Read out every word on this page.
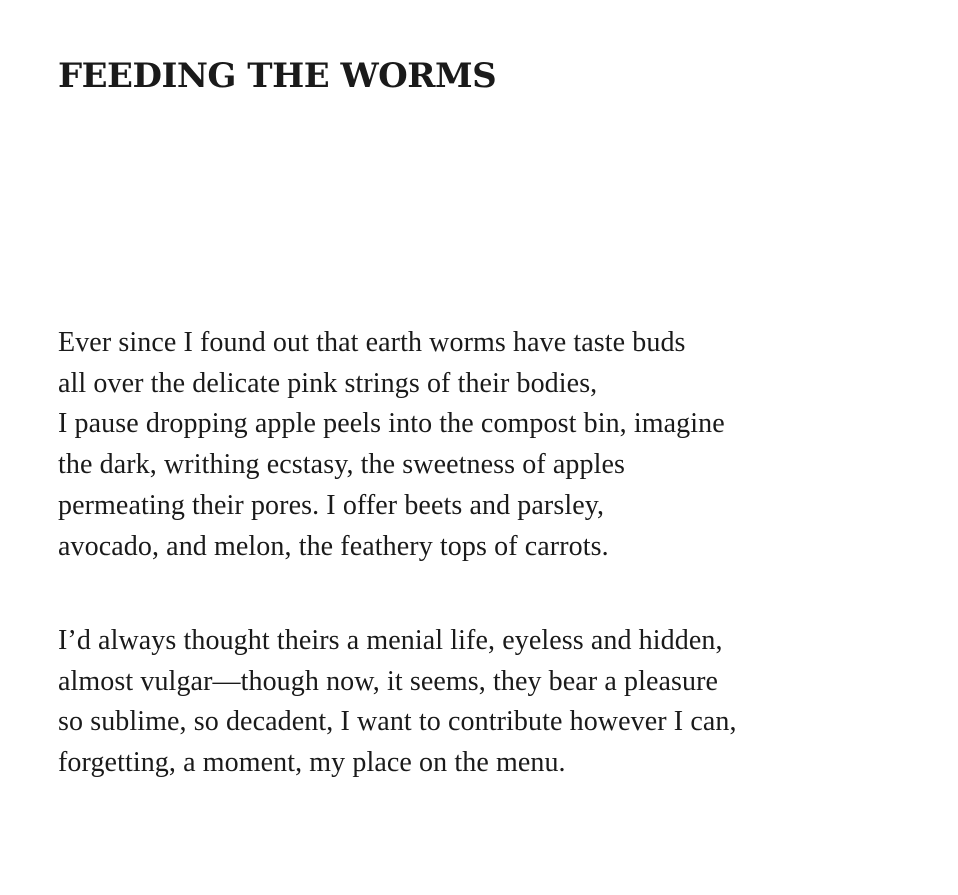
FEEDING THE WORMS

Ever since I found out that earth worms have taste buds
all over the delicate pink strings of their bodies,
I pause dropping apple peels into the compost bin, imagine
the dark, writhing ecstasy, the sweetness of apples
permeating their pores. I offer beets and parsley,
avocado, and melon, the feathery tops of carrots.

I’d always thought theirs a menial life, eyeless and hidden,
almost vulgar—though now, it seems, they bear a pleasure
so sublime, so decadent, I want to contribute however I can,
forgetting, a moment, my place on the menu.
